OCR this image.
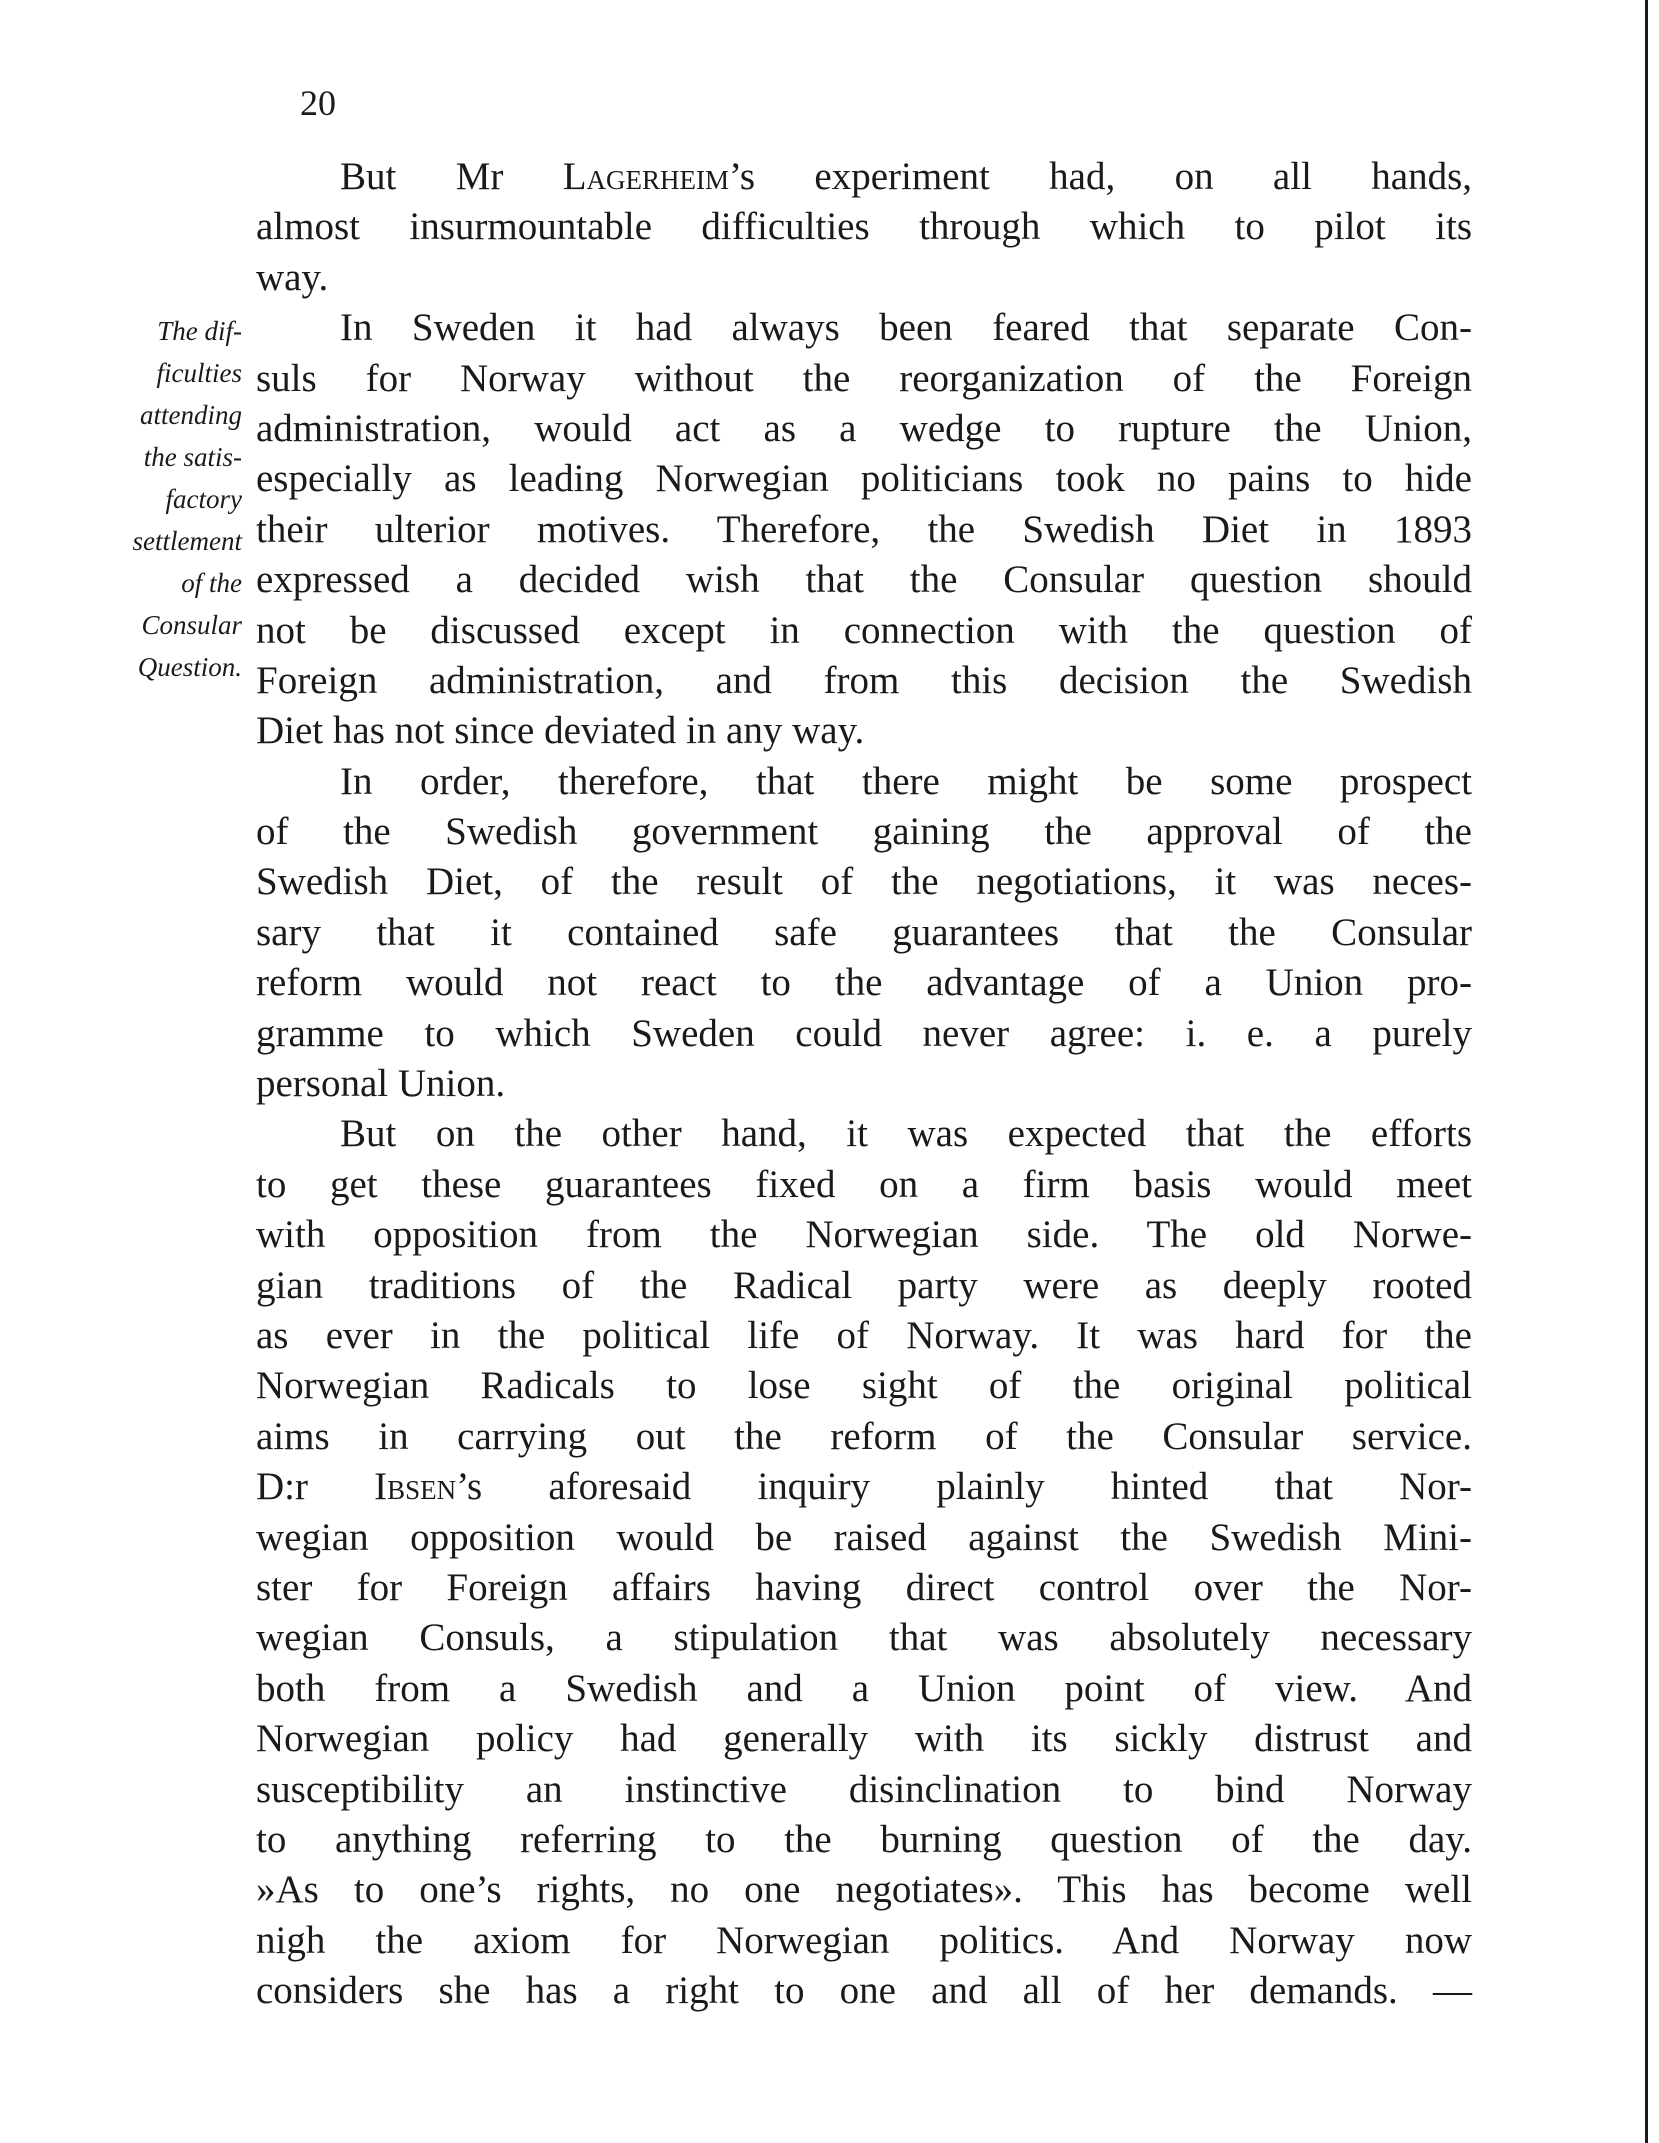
20
The dif-
ficulties
attending
the satis-
factory
settlement
of the
Consular
Question.
But Mr Lagerheim’s experiment had, on all hands,
almost insurmountable difficulties through which to pilot its
way.
In Sweden it had always been feared that separate Con-
suls for Norway without the reorganization of the Foreign
administration, would act as a wedge to rupture the Union,
especially as leading Norwegian politicians took no pains to hide
their ulterior motives. Therefore, the Swedish Diet in 1893
expressed a decided wish that the Consular question should
not be discussed except in connection with the question of
Foreign administration, and from this decision the Swedish
Diet has not since deviated in any way.
In order, therefore, that there might be some prospect
of the Swedish government gaining the approval of the
Swedish Diet, of the result of the negotiations, it was neces-
sary that it contained safe guarantees that the Consular
reform would not react to the advantage of a Union pro-
gramme to which Sweden could never agree: i. e. a purely
personal Union.
But on the other hand, it was expected that the efforts
to get these guarantees fixed on a firm basis would meet
with opposition from the Norwegian side. The old Norwe-
gian traditions of the Radical party were as deeply rooted
as ever in the political life of Norway. It was hard for the
Norwegian Radicals to lose sight of the original political
aims in carrying out the reform of the Consular service.
D:r Ibsen’s aforesaid inquiry plainly hinted that Nor-
wegian opposition would be raised against the Swedish Mini-
ster for Foreign affairs having direct control over the Nor-
wegian Consuls, a stipulation that was absolutely necessary
both from a Swedish and a Union point of view. And
Norwegian policy had generally with its sickly distrust and
susceptibility an instinctive disinclination to bind Norway
to anything referring to the burning question of the day.
»As to one’s rights, no one negotiates». This has become well
nigh the axiom for Norwegian politics. And Norway now
considers she has a right to one and all of her demands. —
